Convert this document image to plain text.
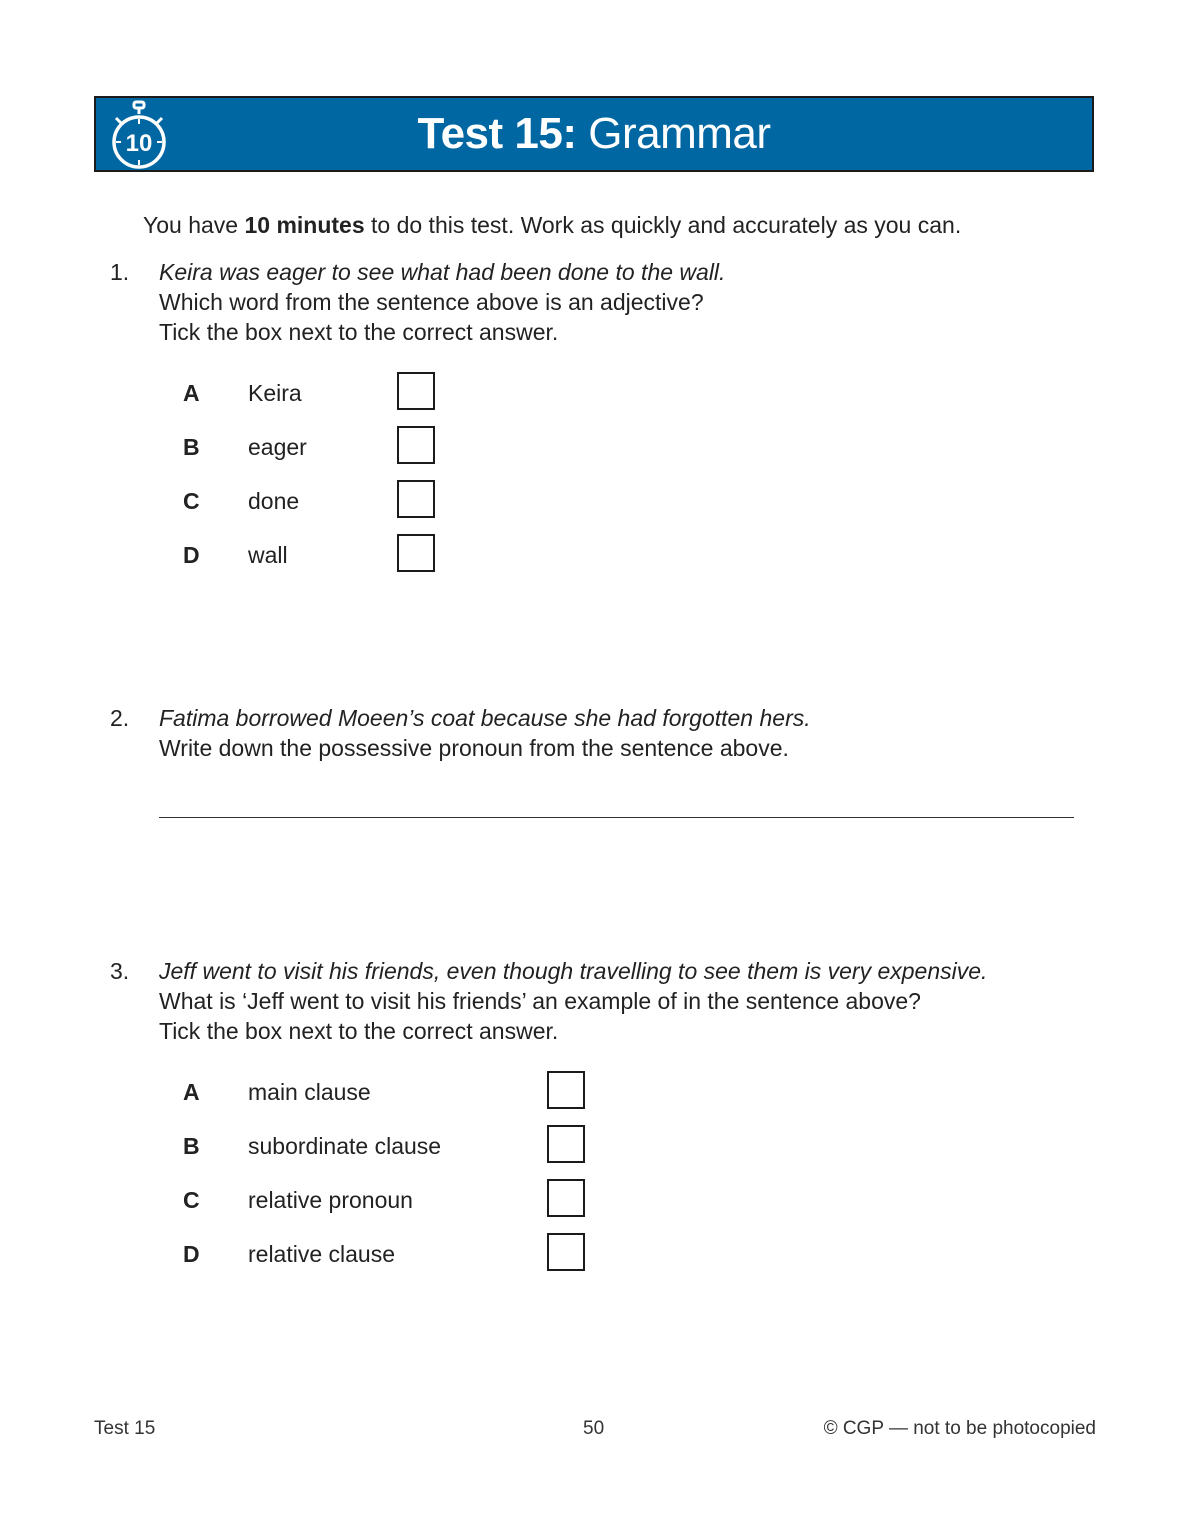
10	Test 15: Grammar
You have 10 minutes to do this test. Work as quickly and accurately as you can.
1. Keira was eager to see what had been done to the wall.
Which word from the sentence above is an adjective?
Tick the box next to the correct answer.
A Keira
B eager
C done
D wall
2. Fatima borrowed Moeen’s coat because she had forgotten hers.
Write down the possessive pronoun from the sentence above.
3. Jeff went to visit his friends, even though travelling to see them is very expensive.
What is ‘Jeff went to visit his friends’ an example of in the sentence above?
Tick the box next to the correct answer.
A main clause
B subordinate clause
C relative pronoun
D relative clause
Test 15	50	© CGP — not to be photocopied
